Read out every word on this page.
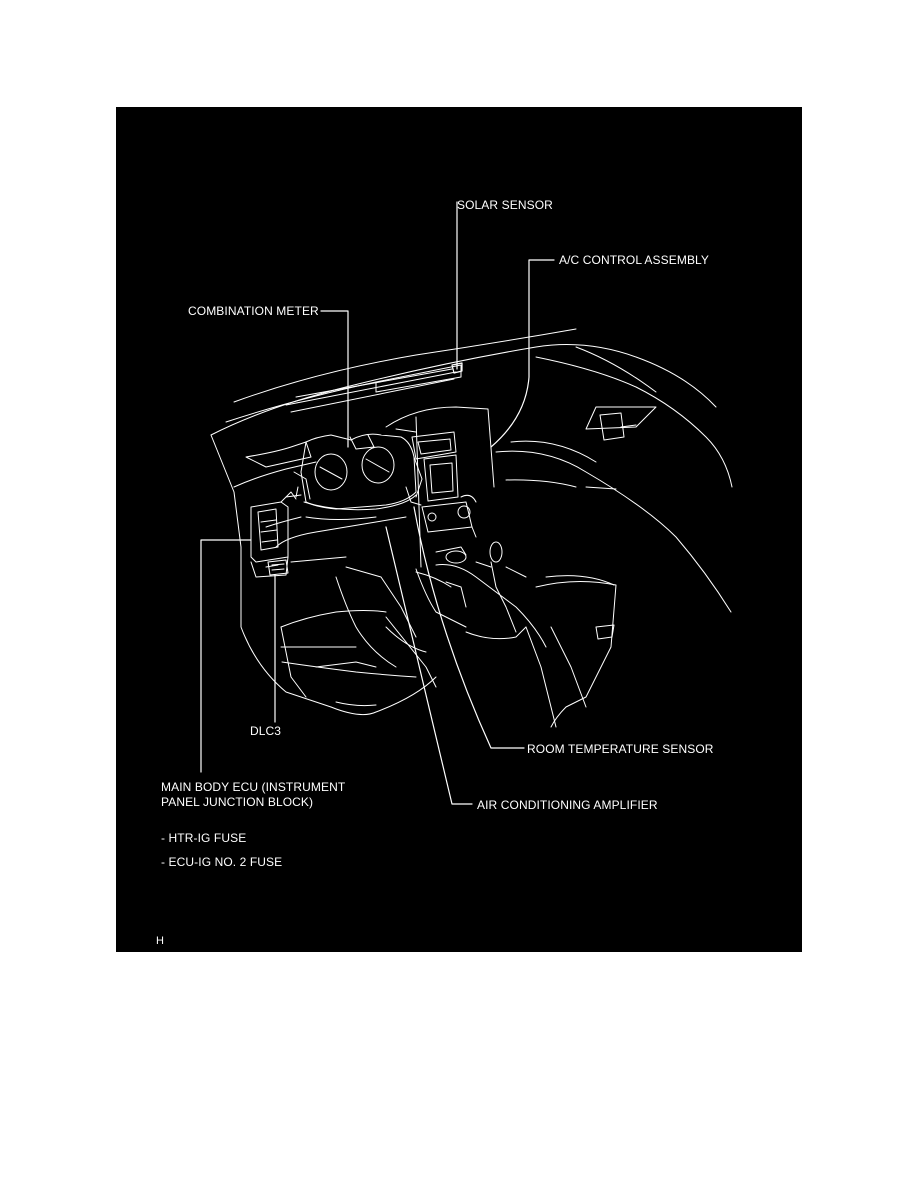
SOLAR SENSOR
A/C CONTROL ASSEMBLY
COMBINATION METER
DLC3
ROOM TEMPERATURE SENSOR
MAIN BODY ECU (INSTRUMENT
PANEL JUNCTION BLOCK)	AIR CONDITIONING AMPLIFIER
- HTR-IG FUSE
- ECU-IG NO. 2 FUSE
H
